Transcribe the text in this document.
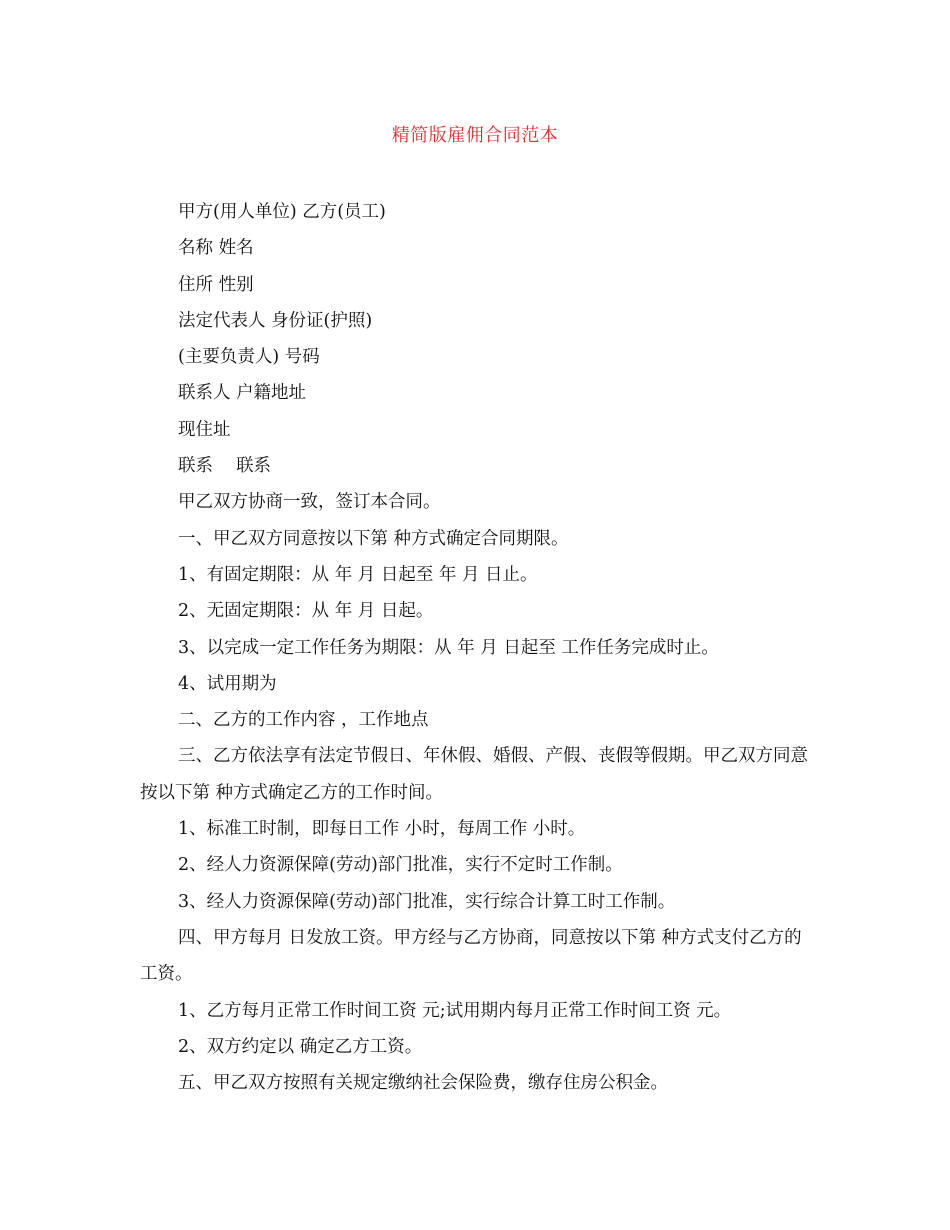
精简版雇佣合同范本

甲方(用人单位) 乙方(员工)

名称 姓名

住所 性别

法定代表人 身份证(护照)

(主要负责人) 号码

联系人 户籍地址

现住址

联系　 联系

甲乙双方协商一致，签订本合同。

一、甲乙双方同意按以下第 种方式确定合同期限。

1、有固定期限：从 年 月 日起至 年 月 日止。

2、无固定期限：从 年 月 日起。

3、以完成一定工作任务为期限：从 年 月 日起至 工作任务完成时止。

4、试用期为

二、乙方的工作内容 ，工作地点

三、乙方依法享有法定节假日、年休假、婚假、产假、丧假等假期。甲乙双方同意按以下第 种方式确定乙方的工作时间。

1、标准工时制，即每日工作 小时，每周工作 小时。

2、经人力资源保障(劳动)部门批准，实行不定时工作制。

3、经人力资源保障(劳动)部门批准，实行综合计算工时工作制。

四、甲方每月 日发放工资。甲方经与乙方协商，同意按以下第 种方式支付乙方的工资。

1、乙方每月正常工作时间工资 元;试用期内每月正常工作时间工资 元。

2、双方约定以 确定乙方工资。

五、甲乙双方按照有关规定缴纳社会保险费，缴存住房公积金。
